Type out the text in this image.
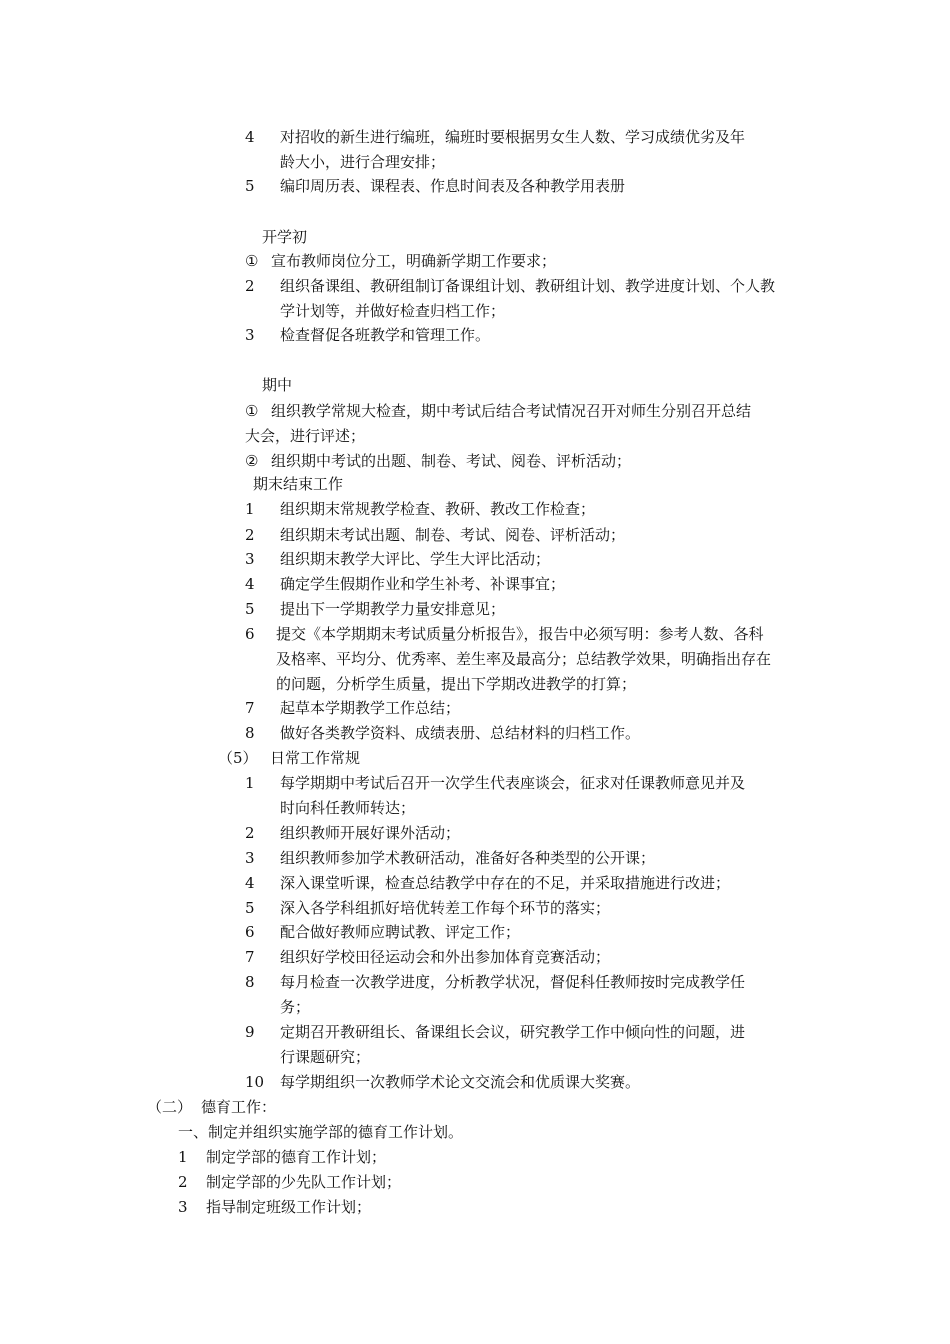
4 对招收的新生进行编班，编班时要根据男女生人数、学习成绩优劣及年
龄大小，进行合理安排；
5 编印周历表、课程表、作息时间表及各种教学用表册
开学初
① 宣布教师岗位分工，明确新学期工作要求；
2 组织备课组、教研组制订备课组计划、教研组计划、教学进度计划、个人教
学计划等，并做好检查归档工作；
3 检查督促各班教学和管理工作。
期中
① 组织教学常规大检查，期中考试后结合考试情况召开对师生分别召开总结
大会，进行评述；
② 组织期中考试的出题、制卷、考试、阅卷、评析活动；
期末结束工作
1 组织期末常规教学检查、教研、教改工作检查；
2 组织期末考试出题、制卷、考试、阅卷、评析活动；
3 组织期末教学大评比、学生大评比活动；
4 确定学生假期作业和学生补考、补课事宜；
5 提出下一学期教学力量安排意见；
6 提交《本学期期末考试质量分析报告》，报告中必须写明：参考人数、各科
及格率、平均分、优秀率、差生率及最高分；总结教学效果，明确指出存在
的问题，分析学生质量，提出下学期改进教学的打算；
7 起草本学期教学工作总结；
8 做好各类教学资料、成绩表册、总结材料的归档工作。
（5） 日常工作常规
1 每学期期中考试后召开一次学生代表座谈会，征求对任课教师意见并及
时向科任教师转达；
2 组织教师开展好课外活动；
3 组织教师参加学术教研活动，准备好各种类型的公开课；
4 深入课堂听课，检查总结教学中存在的不足，并采取措施进行改进；
5 深入各学科组抓好培优转差工作每个环节的落实；
6 配合做好教师应聘试教、评定工作；
7 组织好学校田径运动会和外出参加体育竞赛活动；
8 每月检查一次教学进度，分析教学状况，督促科任教师按时完成教学任
务；
9 定期召开教研组长、备课组长会议，研究教学工作中倾向性的问题，进
行课题研究；
10 每学期组织一次教师学术论文交流会和优质课大奖赛。
（二） 德育工作：
一、制定并组织实施学部的德育工作计划。
1 制定学部的德育工作计划；
2 制定学部的少先队工作计划；
3 指导制定班级工作计划；
